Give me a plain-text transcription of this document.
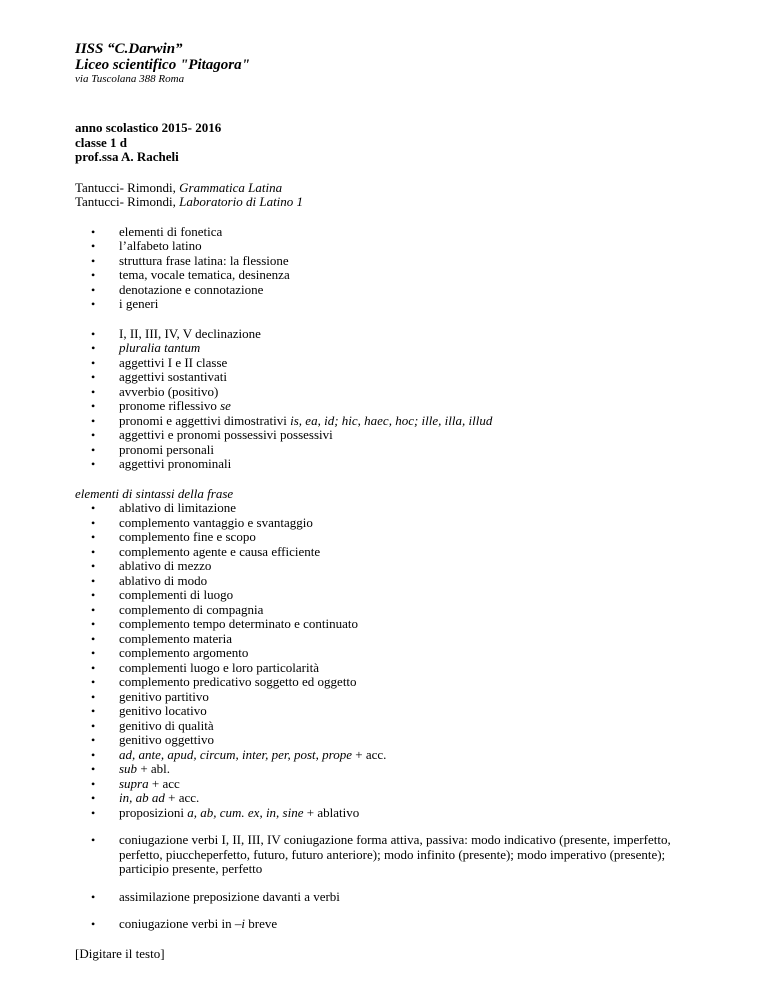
IISS “C.Darwin”
Liceo scientifico "Pitagora"
via Tuscolana 388 Roma
anno scolastico 2015- 2016
classe 1 d
prof.ssa A. Racheli
Tantucci- Rimondi, Grammatica Latina
Tantucci- Rimondi, Laboratorio di Latino 1
• elementi di fonetica
• l’alfabeto latino
• struttura frase latina: la flessione
• tema, vocale tematica, desinenza
• denotazione e connotazione
• i generi
• I, II, III, IV, V declinazione
• pluralia tantum
• aggettivi I e II classe
• aggettivi sostantivati
• avverbio (positivo)
• pronome riflessivo se
• pronomi e aggettivi dimostrativi is, ea, id; hic, haec, hoc; ille, illa, illud
• aggettivi e pronomi possessivi possessivi
• pronomi personali
• aggettivi pronominali
elementi di sintassi della frase
• ablativo di limitazione
• complemento vantaggio e svantaggio
• complemento fine e scopo
• complemento agente e causa efficiente
• ablativo di mezzo
• ablativo di modo
• complementi di luogo
• complemento di compagnia
• complemento tempo determinato e continuato
• complemento materia
• complemento argomento
• complementi luogo e loro particolarità
• complemento predicativo soggetto ed oggetto
• genitivo partitivo
• genitivo locativo
• genitivo di qualità
• genitivo oggettivo
• ad, ante, apud, circum, inter, per, post, prope + acc.
• sub + abl.
• supra + acc
• in, ab ad + acc.
• proposizioni a, ab, cum. ex, in, sine + ablativo
• coniugazione verbi I, II, III, IV coniugazione forma attiva, passiva: modo indicativo (presente, imperfetto, perfetto, piuccheperfetto, futuro, futuro anteriore); modo infinito (presente); modo imperativo (presente); participio presente, perfetto
• assimilazione preposizione davanti a verbi
• coniugazione verbi in –i breve
[Digitare il testo]
